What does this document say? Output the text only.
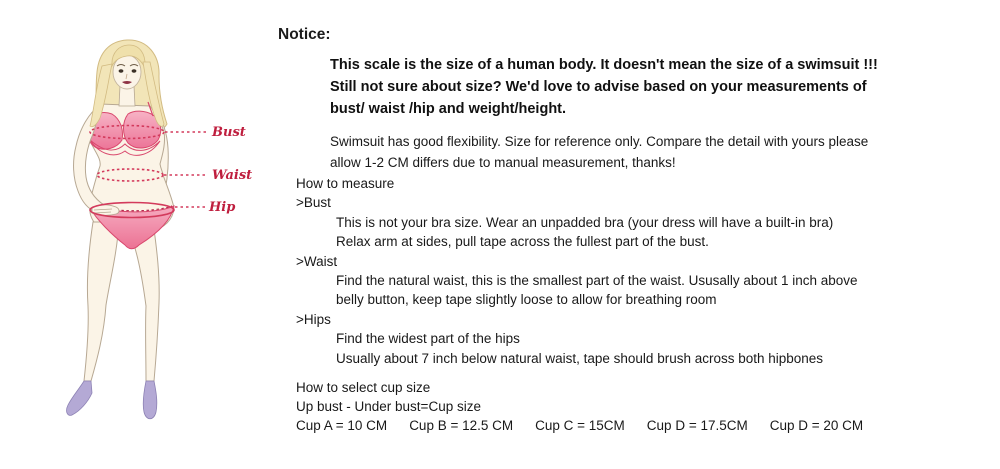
Bust
Waist
Hip
Notice:
This scale is the size of a human body. It doesn't mean the size of a swimsuit !!!
Still not sure about size? We'd love to advise based on your measurements of
bust/ waist /hip and weight/height.
Swimsuit has good flexibility. Size for reference only. Compare the detail with yours please
allow 1-2 CM differs due to manual measurement, thanks!
How to measure
>Bust
This is not your bra size. Wear an unpadded bra (your dress will have a built-in bra)
Relax arm at sides, pull tape across the fullest part of the bust.
>Waist
Find the natural waist, this is the smallest part of the waist. Ususally about 1 inch above
belly button, keep tape slightly loose to allow for breathing room
>Hips
Find the widest part of the hips
Usually about 7 inch below natural waist, tape should brush across both hipbones
How to select cup size
Up bust - Under bust=Cup size
Cup A = 10 CM Cup B = 12.5 CM Cup C = 15CM Cup D = 17.5CM Cup D = 20 CM
